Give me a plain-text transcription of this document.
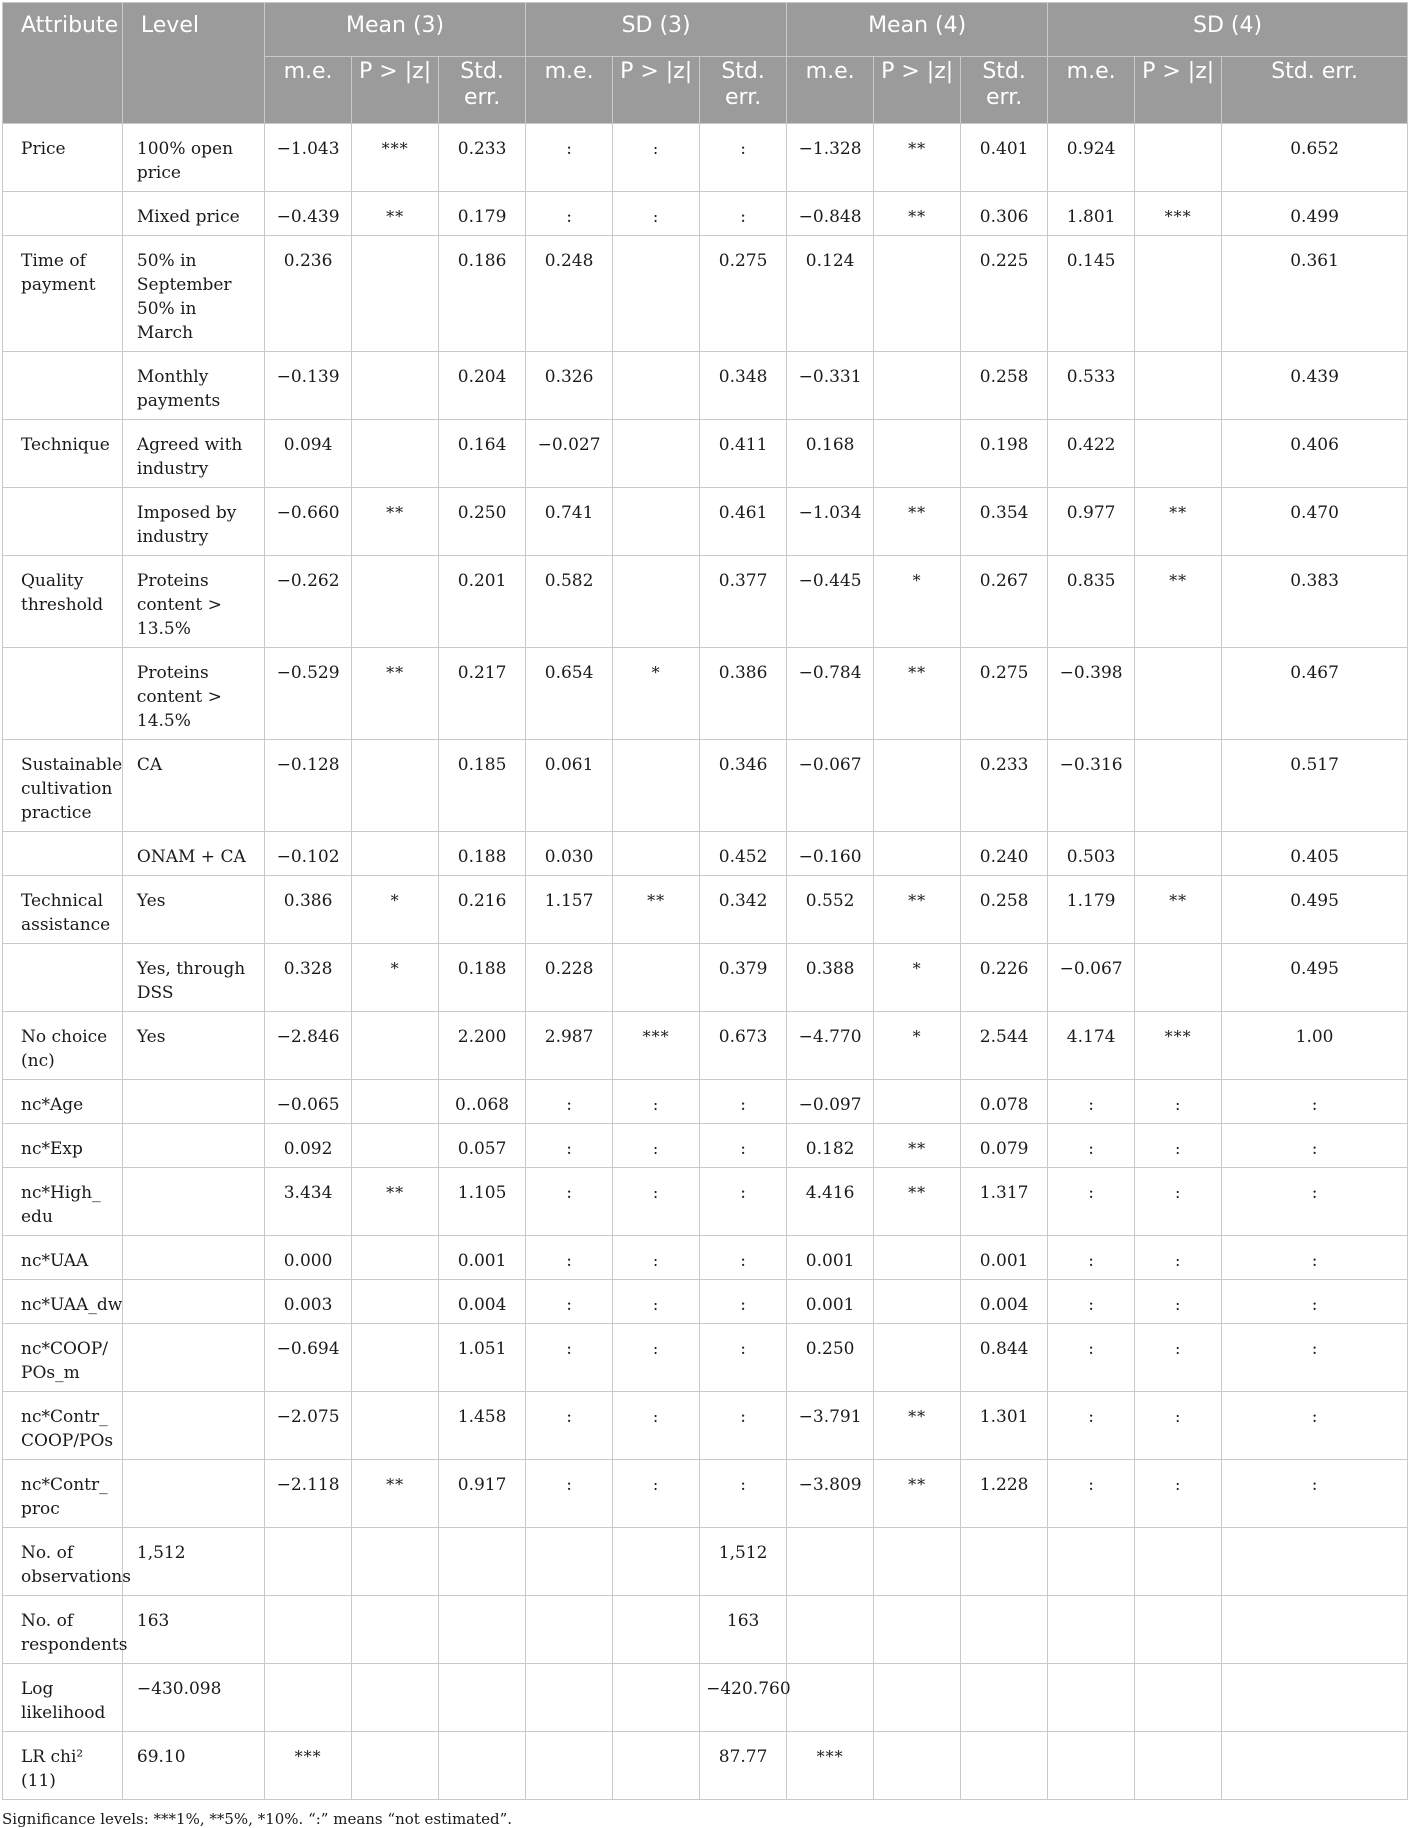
Attribute	Level	Mean (3)			SD (3)			Mean (4)			SD (4)		
		m.e.	P > |z|	Std. err.	m.e.	P > |z|	Std. err.	m.e.	P > |z|	Std. err.	m.e.	P > |z|	Std. err.
Price	100% open price	−1.043	***	0.233	:	:	:	−1.328	**	0.401	0.924		0.652
	Mixed price	−0.439	**	0.179	:	:	:	−0.848	**	0.306	1.801	***	0.499
Time of payment	50% in September 50% in March	0.236		0.186	0.248		0.275	0.124		0.225	0.145		0.361
	Monthly payments	−0.139		0.204	0.326		0.348	−0.331		0.258	0.533		0.439
Technique	Agreed with industry	0.094		0.164	−0.027		0.411	0.168		0.198	0.422		0.406
	Imposed by industry	−0.660	**	0.250	0.741		0.461	−1.034	**	0.354	0.977	**	0.470
Quality threshold	Proteins content > 13.5%	−0.262		0.201	0.582		0.377	−0.445	*	0.267	0.835	**	0.383
	Proteins content > 14.5%	−0.529	**	0.217	0.654	*	0.386	−0.784	**	0.275	−0.398		0.467
Sustainable cultivation practice	CA	−0.128		0.185	0.061		0.346	−0.067		0.233	−0.316		0.517
	ONAM + CA	−0.102		0.188	0.030		0.452	−0.160		0.240	0.503		0.405
Technical assistance	Yes	0.386	*	0.216	1.157	**	0.342	0.552	**	0.258	1.179	**	0.495
	Yes, through DSS	0.328	*	0.188	0.228		0.379	0.388	*	0.226	−0.067		0.495
No choice (nc)	Yes	−2.846		2.200	2.987	***	0.673	−4.770	*	2.544	4.174	***	1.00
nc*Age		−0.065		0..068	:	:	:	−0.097		0.078	:	:	:
nc*Exp		0.092		0.057	:	:	:	0.182	**	0.079	:	:	:
nc*High_ edu		3.434	**	1.105	:	:	:	4.416	**	1.317	:	:	:
nc*UAA		0.000		0.001	:	:	:	0.001		0.001	:	:	:
nc*UAA_dw		0.003		0.004	:	:	:	0.001		0.004	:	:	:
nc*COOP/ POs_m		−0.694		1.051	:	:	:	0.250		0.844	:	:	:
nc*Contr_ COOP/POs		−2.075		1.458	:	:	:	−3.791	**	1.301	:	:	:
nc*Contr_ proc		−2.118	**	0.917	:	:	:	−3.809	**	1.228	:	:	:
No. of observations	1,512						1,512						
No. of respondents	163						163						
Log likelihood	−430.098						−420.760						
LR chi² (11)	69.10	***					87.77	***					
Significance levels: ***1%, **5%, *10%. “:” means “not estimated”.
